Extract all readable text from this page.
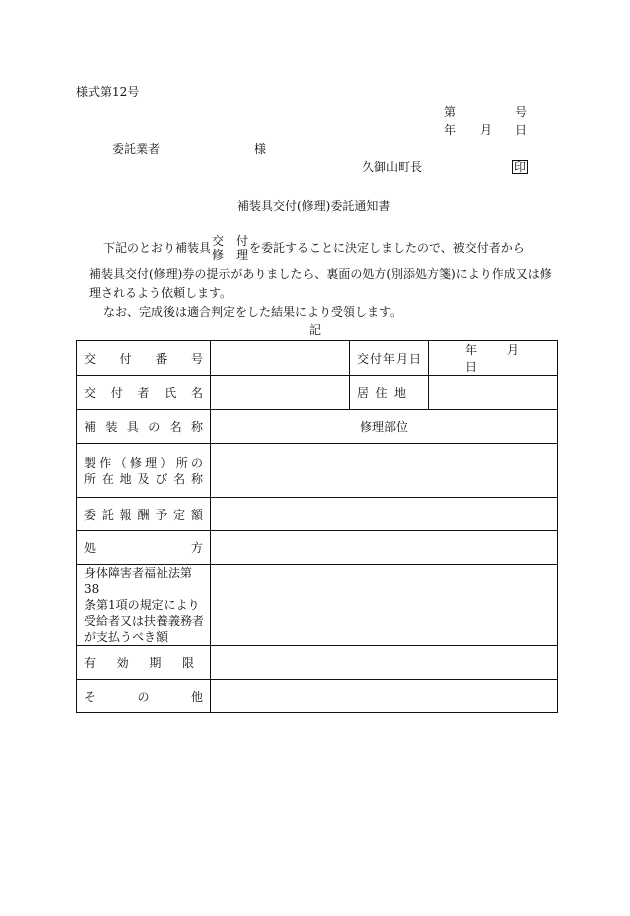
様式第12号
第	号
年 月 日
委託業者	様
久御山町長	印
補装具交付(修理)委託通知書
下記のとおり補装具 交　付
修　理 を委託することに決定しましたので、被交付者から
補装具交付(修理)券の提示がありましたら、裏面の処方(別添処方箋)により作成又は修
理されるよう依頼します。
なお、完成後は適合判定をした結果により受領します。
記
交付番号		交付年月日	年 月日
交付者氏名		居住地	
補装具の名称	修理部位		

製作（修理）所の
所在地及び名称			

委託報酬予定額			
処 方			

身体障害者福祉法第38
条第1項の規定により
受給者又は扶養義務者
が支払うべき額			

有効期限			
その他			
